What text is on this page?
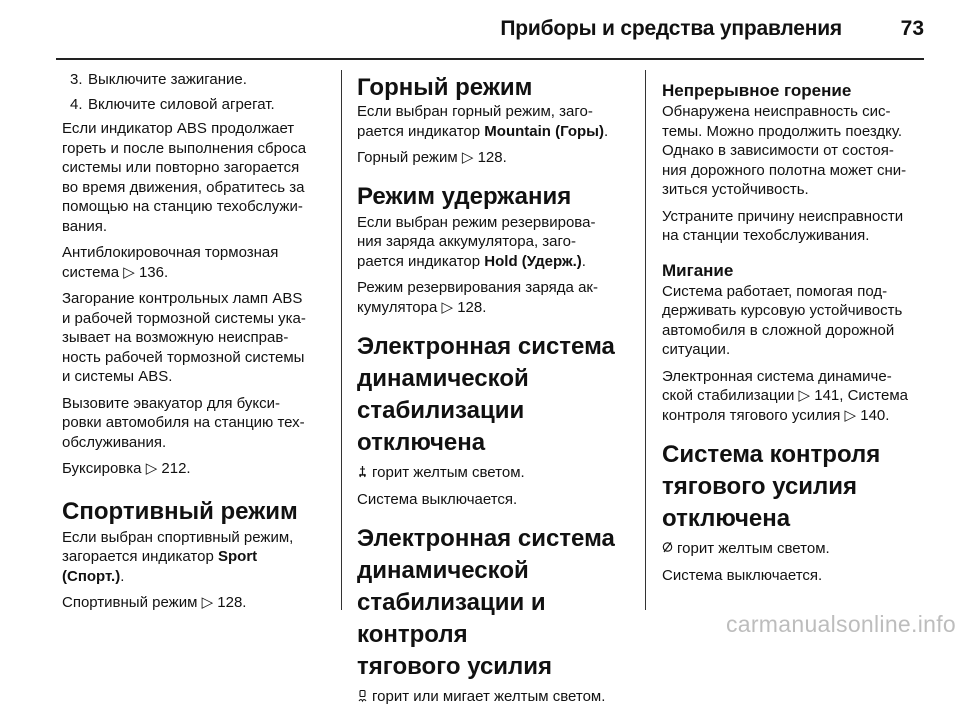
Приборы и средства управления	73

3. Выключите зажигание.

4. Включите силовой агрегат.

Если индикатор ABS продолжает
гореть и после выполнения сброса
системы или повторно загорается
во время движения, обратитесь за
помощью на станцию техобслужи-
вания.

Антиблокировочная тормозная
система ▷ 136.

Загорание контрольных ламп ABS
и рабочей тормозной системы ука-
зывает на возможную неисправ-
ность рабочей тормозной системы
и системы ABS.

Вызовите эвакуатор для букси-
ровки автомобиля на станцию тех-
обслуживания.

Буксировка ▷ 212.

Спортивный режим

Если выбран спортивный режим,
загорается индикатор Sport
(Спорт.).

Спортивный режим ▷ 128.

Горный режим

Если выбран горный режим, заго-
рается индикатор Mountain (Горы).

Горный режим ▷ 128.

Режим удержания

Если выбран режим резервирова-
ния заряда аккумулятора, заго-
рается индикатор Hold (Удерж.).

Режим резервирования заряда ак-
кумулятора ▷ 128.

Электронная система
динамической
стабилизации отключена

горит желтым светом.

Система выключается.

Электронная система
динамической
стабилизации и контроля
тягового усилия

горит или мигает желтым светом.

Непрерывное горение

Обнаружена неисправность сис-
темы. Можно продолжить поездку.
Однако в зависимости от состоя-
ния дорожного полотна может сни-
зиться устойчивость.

Устраните причину неисправности
на станции техобслуживания.

Мигание

Система работает, помогая под-
держивать курсовую устойчивость
автомобиля в сложной дорожной
ситуации.

Электронная система динамиче-
ской стабилизации ▷ 141, Система
контроля тягового усилия ▷ 140.

Система контроля
тягового усилия
отключена

горит желтым светом.

Система выключается.

carmanualsonline.info
